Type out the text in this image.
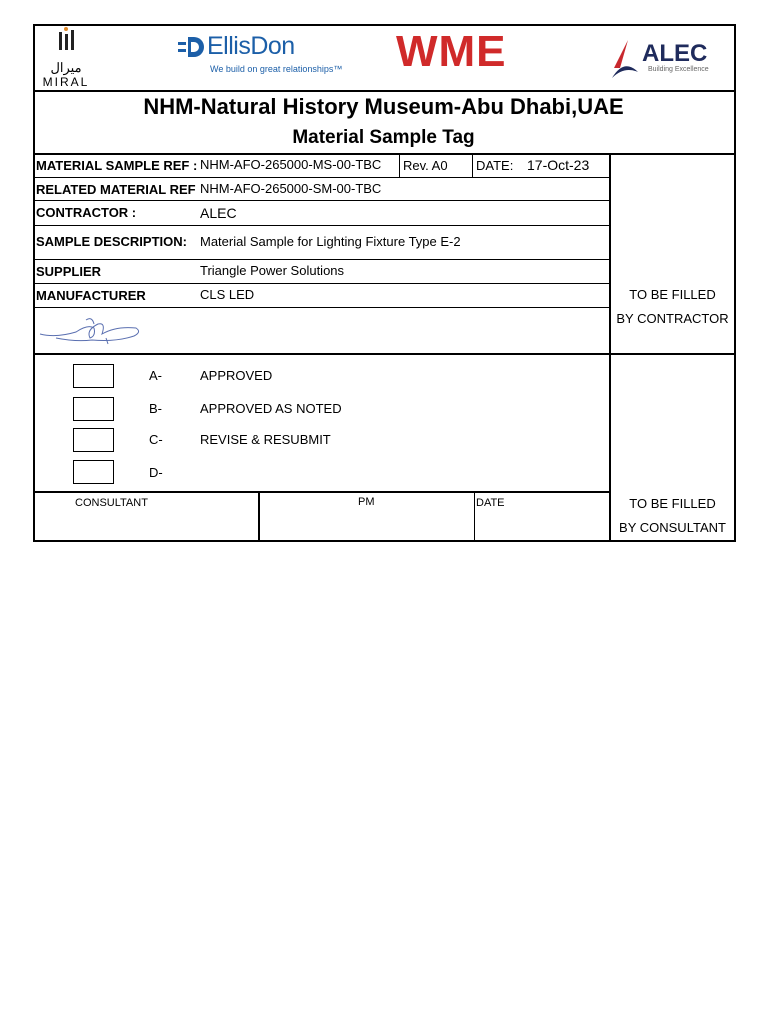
ميرال
MIRAL
EllisDon
We build on great relationships™ WME	ALEC
Building Excellence
NHM-Natural History Museum-Abu Dhabi,UAE
Material Sample Tag
MATERIAL SAMPLE REF : NHM-AFO-265000-MS-00-TBC Rev. A0 DATE: 17-Oct-23
RELATED MATERIAL REF NHM-AFO-265000-SM-00-TBC
CONTRACTOR :	ALEC
SAMPLE DESCRIPTION: Material Sample for Lighting Fixture Type E-2
SUPPLIER	Triangle Power Solutions
MANUFACTURER	CLS LED	TO BE FILLED
BY CONTRACTOR
A-	APPROVED
B-	APPROVED AS NOTED
C-	REVISE & RESUBMIT
D-
CONSULTANT	PM	DATE	TO BE FILLED
BY CONSULTANT
